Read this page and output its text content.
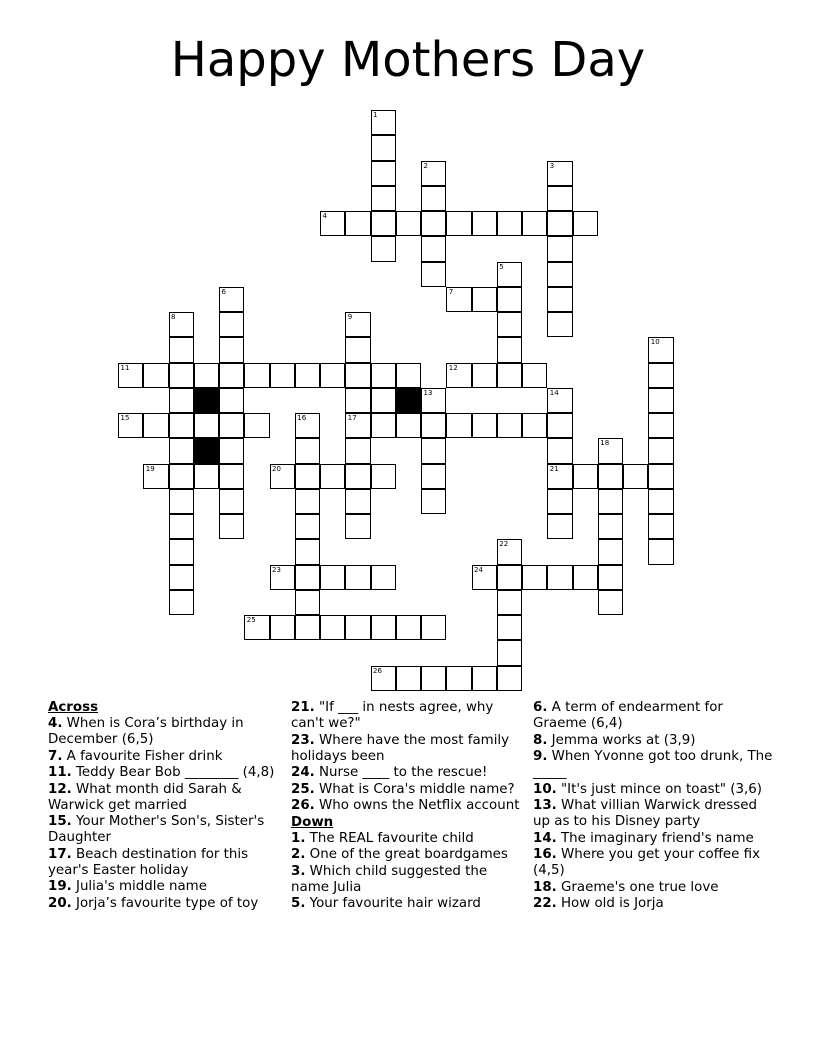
Happy Mothers Day
1
2	3
5
6
8	9
17
10
13	14
21
16
18
22
4
7
11	12
15
19	20
23	24
25
26
Across
4. When is Cora’s birthday in December (6,5)
7. A favourite Fisher drink
11. Teddy Bear Bob ________ (4,8)
12. What month did Sarah & Warwick get married
15. Your Mother's Son's, Sister's Daughter
17. Beach destination for this year's Easter holiday
19. Julia's middle name
20. Jorja’s favourite type of toy
21. "If ___ in nests agree, why can't we?"
23. Where have the most family holidays been
24. Nurse ____ to the rescue!
25. What is Cora's middle name?
26. Who owns the Netflix account
Down
1. The REAL favourite child
2. One of the great boardgames
3. Which child suggested the name Julia
5. Your favourite hair wizard
6. A term of endearment for Graeme (6,4)
8. Jemma works at (3,9)
9. When Yvonne got too drunk, The _____
10. "It's just mince on toast" (3,6)
13. What villian Warwick dressed up as to his Disney party
14. The imaginary friend's name
16. Where you get your coffee fix (4,5)
18. Graeme's one true love
22. How old is Jorja
